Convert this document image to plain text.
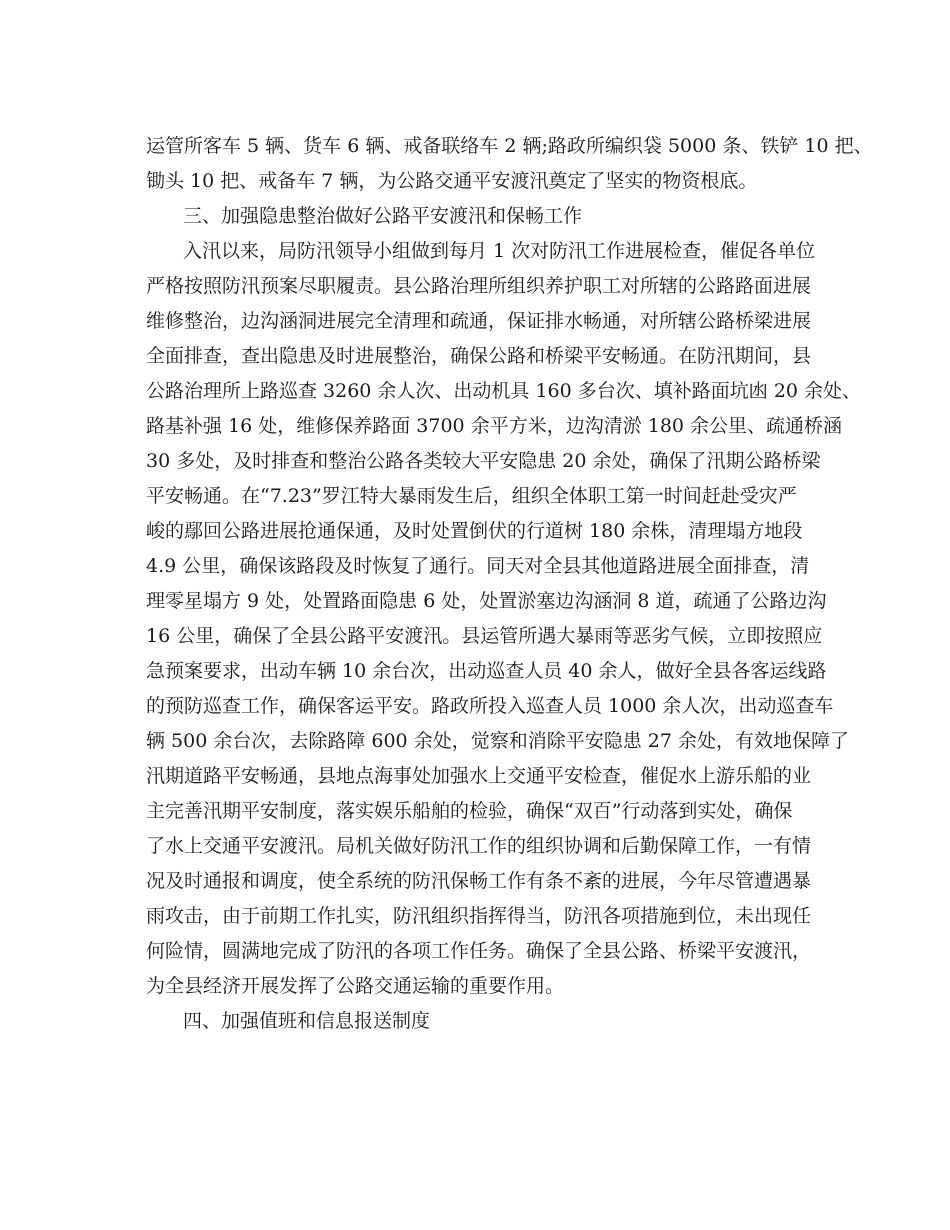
运管所客车 5 辆、货车 6 辆、戒备联络车 2 辆;路政所编织袋 5000 条、铁铲 10 把、
锄头 10 把、戒备车 7 辆，为公路交通平安渡汛奠定了坚实的物资根底。
三、加强隐患整治做好公路平安渡汛和保畅工作
入汛以来，局防汛领导小组做到每月 1 次对防汛工作进展检查，催促各单位
严格按照防汛预案尽职履责。县公路治理所组织养护职工对所辖的公路路面进展
维修整治，边沟涵洞进展完全清理和疏通，保证排水畅通，对所辖公路桥梁进展
全面排查，查出隐患及时进展整治，确保公路和桥梁平安畅通。在防汛期间，县
公路治理所上路巡查 3260 余人次、出动机具 160 多台次、填补路面坑凼 20 余处、
路基补强 16 处，维修保养路面 3700 余平方米，边沟清淤 180 余公里、疏通桥涵
30 多处，及时排查和整治公路各类较大平安隐患 20 余处，确保了汛期公路桥梁
平安畅通。在“7.23”罗江特大暴雨发生后，组织全体职工第一时间赶赴受灾严
峻的鄢回公路进展抢通保通，及时处置倒伏的行道树 180 余株，清理塌方地段
4.9 公里，确保该路段及时恢复了通行。同天对全县其他道路进展全面排查，清
理零星塌方 9 处，处置路面隐患 6 处，处置淤塞边沟涵洞 8 道，疏通了公路边沟
16 公里，确保了全县公路平安渡汛。县运管所遇大暴雨等恶劣气候，立即按照应
急预案要求，出动车辆 10 余台次，出动巡查人员 40 余人，做好全县各客运线路
的预防巡查工作，确保客运平安。路政所投入巡查人员 1000 余人次，出动巡查车
辆 500 余台次，去除路障 600 余处，觉察和消除平安隐患 27 余处，有效地保障了
汛期道路平安畅通，县地点海事处加强水上交通平安检查，催促水上游乐船的业
主完善汛期平安制度，落实娱乐船舶的检验，确保“双百”行动落到实处，确保
了水上交通平安渡汛。局机关做好防汛工作的组织协调和后勤保障工作，一有情
况及时通报和调度，使全系统的防汛保畅工作有条不紊的进展，今年尽管遭遇暴
雨攻击，由于前期工作扎实，防汛组织指挥得当，防汛各项措施到位，未出现任
何险情，圆满地完成了防汛的各项工作任务。确保了全县公路、桥梁平安渡汛，
为全县经济开展发挥了公路交通运输的重要作用。
四、加强值班和信息报送制度
